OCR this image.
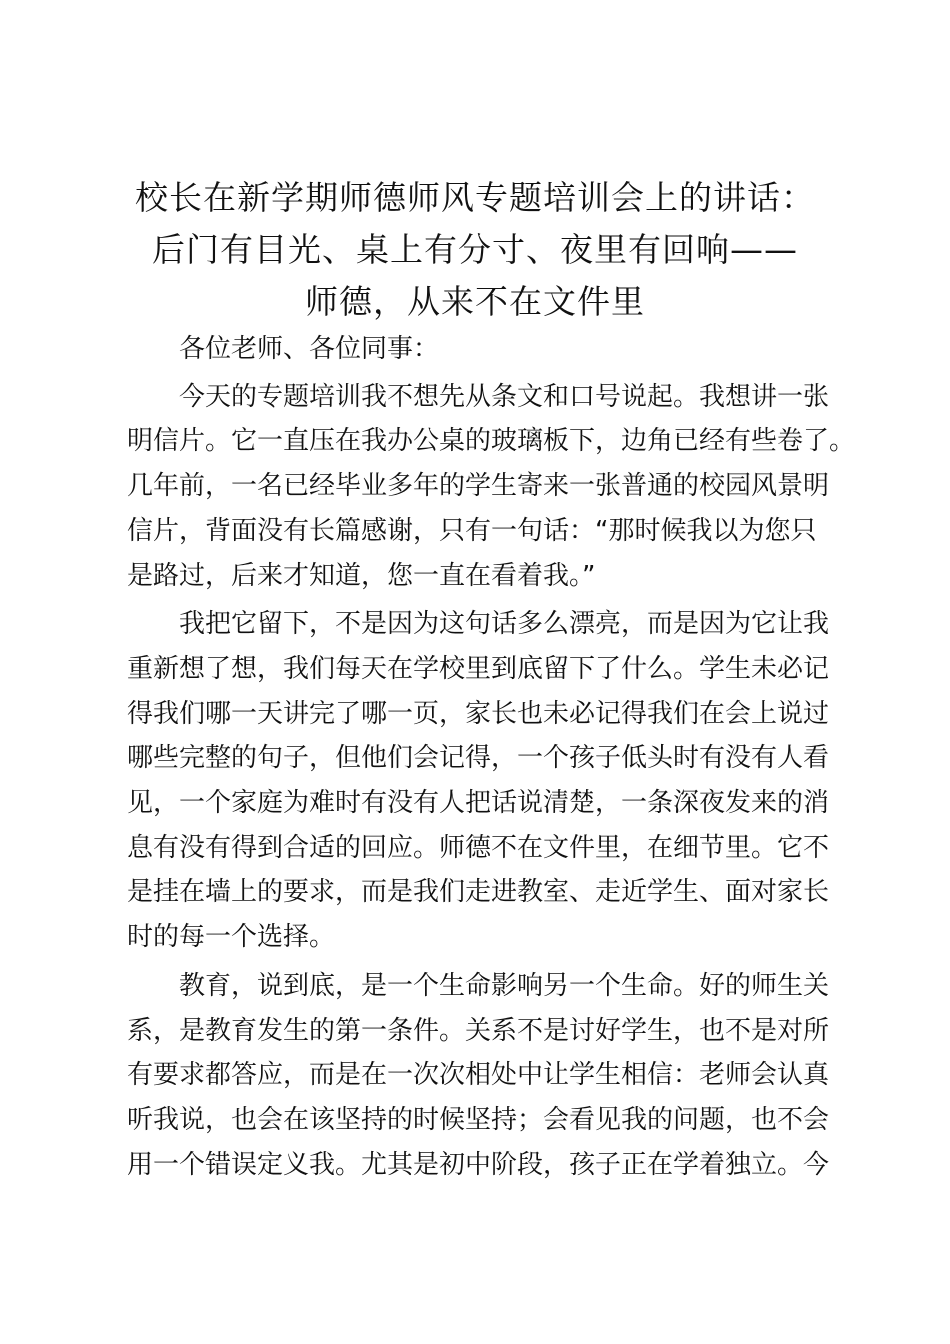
校长在新学期师德师风专题培训会上的讲话：
后门有目光、桌上有分寸、夜里有回响——
师德，从来不在文件里
各位老师、各位同事：
今天的专题培训我不想先从条文和口号说起。我想讲一张
明信片。它一直压在我办公桌的玻璃板下，边角已经有些卷了。
几年前，一名已经毕业多年的学生寄来一张普通的校园风景明
信片，背面没有长篇感谢，只有一句话：“那时候我以为您只
是路过，后来才知道，您一直在看着我。”
我把它留下，不是因为这句话多么漂亮，而是因为它让我
重新想了想，我们每天在学校里到底留下了什么。学生未必记
得我们哪一天讲完了哪一页，家长也未必记得我们在会上说过
哪些完整的句子，但他们会记得，一个孩子低头时有没有人看
见，一个家庭为难时有没有人把话说清楚，一条深夜发来的消
息有没有得到合适的回应。师德不在文件里，在细节里。它不
是挂在墙上的要求，而是我们走进教室、走近学生、面对家长
时的每一个选择。
教育，说到底，是一个生命影响另一个生命。好的师生关
系，是教育发生的第一条件。关系不是讨好学生，也不是对所
有要求都答应，而是在一次次相处中让学生相信：老师会认真
听我说，也会在该坚持的时候坚持；会看见我的问题，也不会
用一个错误定义我。尤其是初中阶段，孩子正在学着独立。今
